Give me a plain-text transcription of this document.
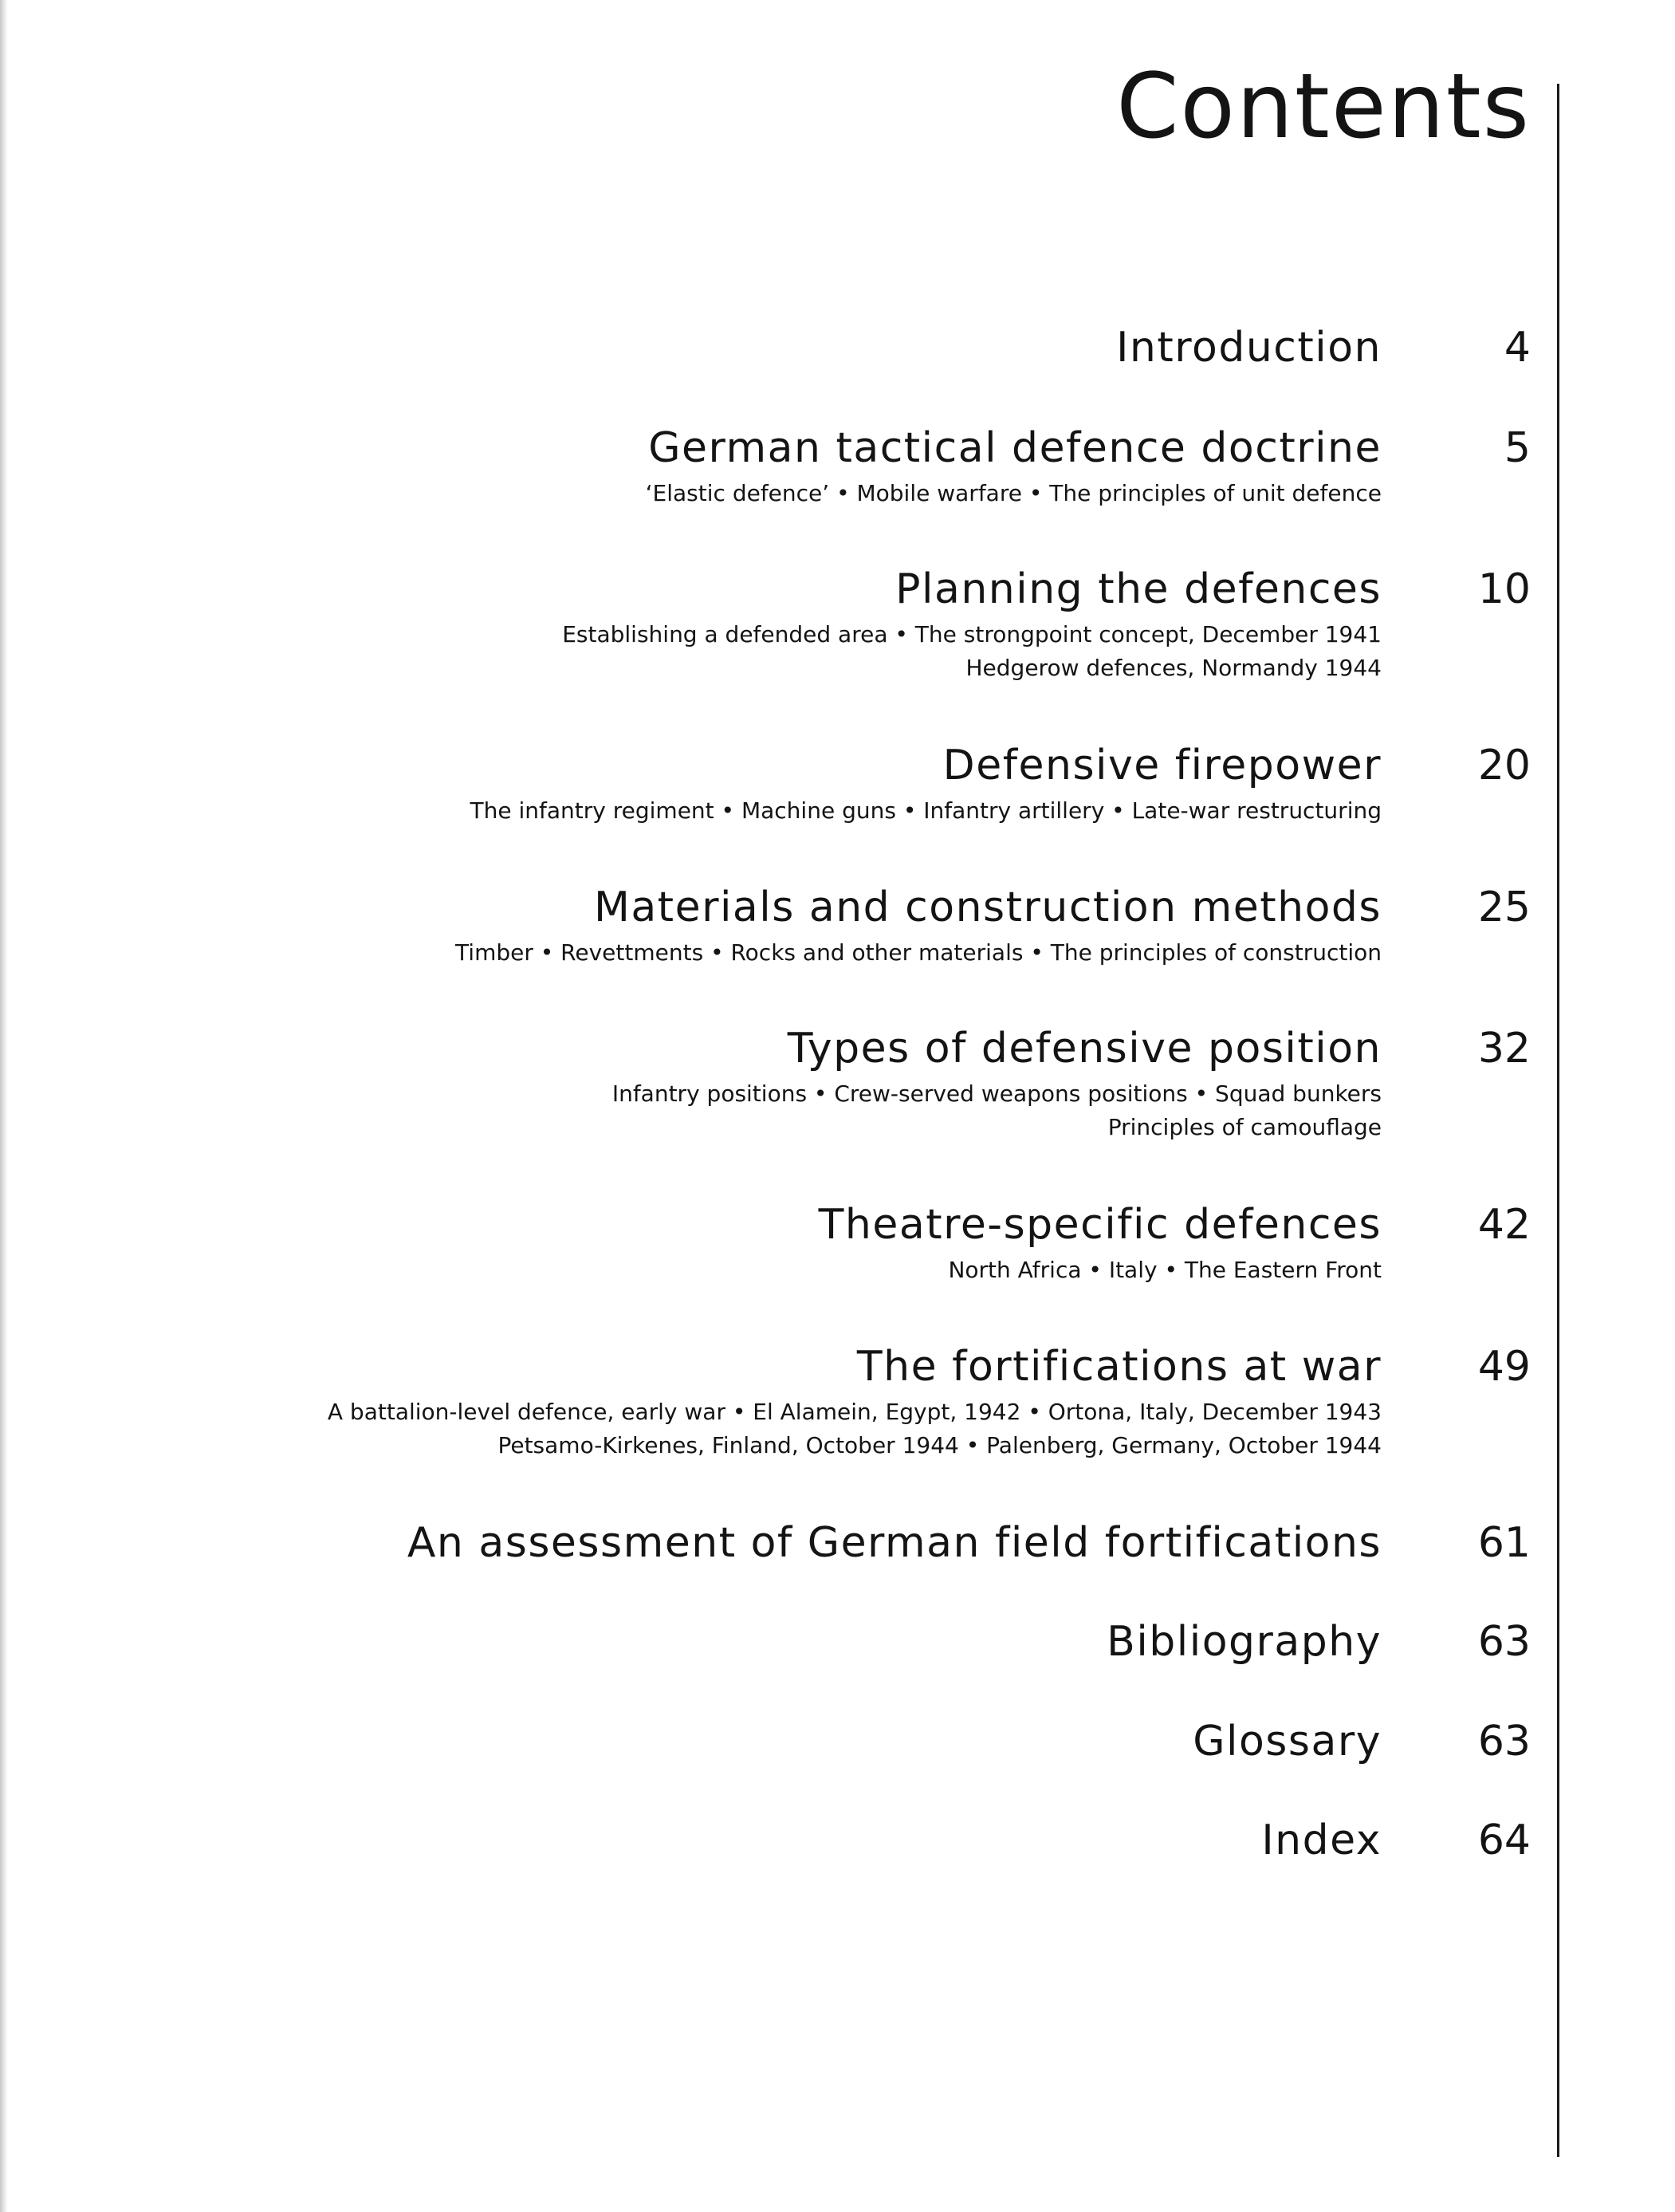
Contents
Introduction	4
German tactical defence doctrine	5
‘Elastic defence’ • Mobile warfare • The principles of unit defence
Planning the defences 10
Establishing a defended area • The strongpoint concept, December 1941
Hedgerow defences, Normandy 1944
Defensive firepower 20
The infantry regiment • Machine guns • Infantry artillery • Late-war restructuring
Materials and construction methods 25
Timber • Revettments • Rocks and other materials • The principles of construction
Types of defensive position 32
Infantry positions • Crew-served weapons positions • Squad bunkers
Principles of camouflage
Theatre-specific defences 42
North Africa • Italy • The Eastern Front
The fortifications at war 49
A battalion-level defence, early war • El Alamein, Egypt, 1942 • Ortona, Italy, December 1943
Petsamo-Kirkenes, Finland, October 1944 • Palenberg, Germany, October 1944
An assessment of German field fortifications 61
Bibliography 63
Glossary 63
Index 64
